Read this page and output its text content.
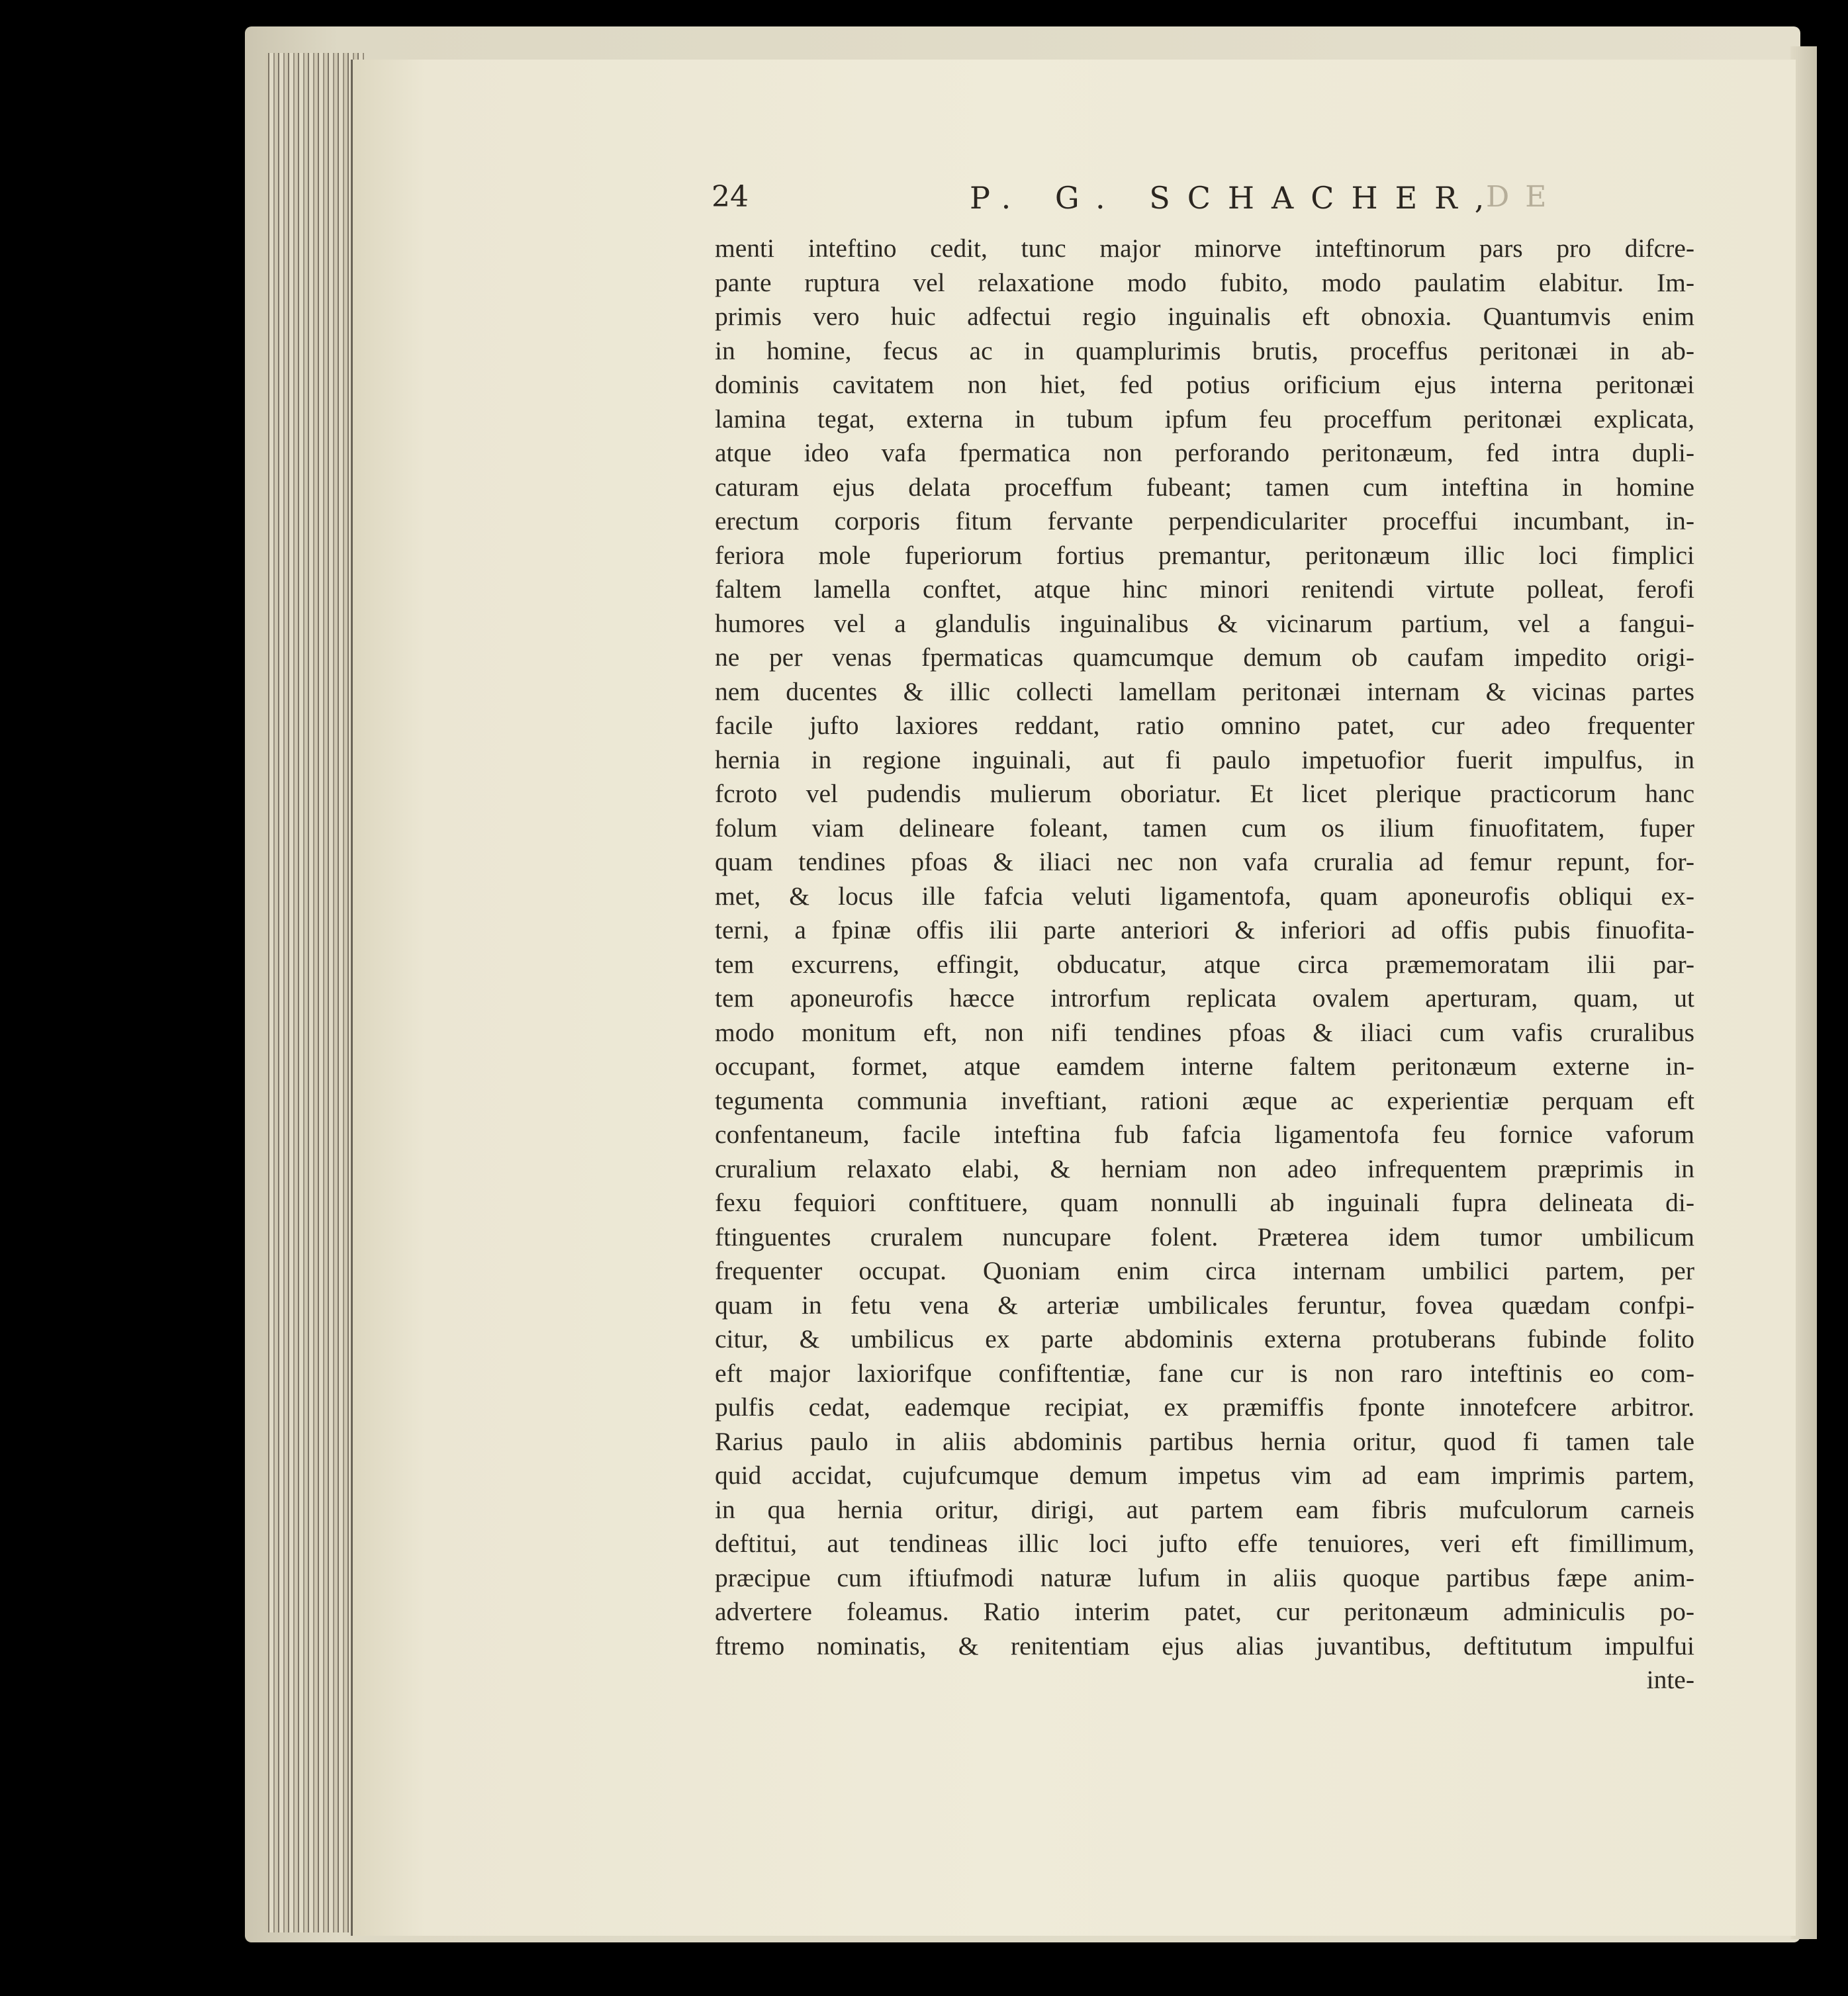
24	P. G. SCHACHER,
DE
menti inteftino cedit, tunc major minorve inteftinorum pars pro difcre-
pante ruptura vel relaxatione modo fubito, modo paulatim elabitur. Im-
primis vero huic adfectui regio inguinalis eft obnoxia. Quantumvis enim
in homine, fecus ac in quamplurimis brutis, proceffus peritonæi in ab-
dominis cavitatem non hiet, fed potius orificium ejus interna peritonæi
lamina tegat, externa in tubum ipfum feu proceffum peritonæi explicata,
atque ideo vafa fpermatica non perforando peritonæum, fed intra dupli-
caturam ejus delata proceffum fubeant; tamen cum inteftina in homine
erectum corporis fitum fervante perpendiculariter proceffui incumbant, in-
feriora mole fuperiorum fortius premantur, peritonæum illic loci fimplici
faltem lamella conftet, atque hinc minori renitendi virtute polleat, ferofi
humores vel a glandulis inguinalibus & vicinarum partium, vel a fangui-
ne per venas fpermaticas quamcumque demum ob caufam impedito origi-
nem ducentes & illic collecti lamellam peritonæi internam & vicinas partes
facile jufto laxiores reddant, ratio omnino patet, cur adeo frequenter
hernia in regione inguinali, aut fi paulo impetuofior fuerit impulfus, in
fcroto vel pudendis mulierum oboriatur. Et licet plerique practicorum hanc
folum viam delineare foleant, tamen cum os ilium finuofitatem, fuper
quam tendines pfoas & iliaci nec non vafa cruralia ad femur repunt, for-
met, & locus ille fafcia veluti ligamentofa, quam aponeurofis obliqui ex-
terni, a fpinæ offis ilii parte anteriori & inferiori ad offis pubis finuofita-
tem excurrens, effingit, obducatur, atque circa præmemoratam ilii par-
tem aponeurofis hæcce introrfum replicata ovalem aperturam, quam, ut
modo monitum eft, non nifi tendines pfoas & iliaci cum vafis cruralibus
occupant, formet, atque eamdem interne faltem peritonæum externe in-
tegumenta communia inveftiant, rationi æque ac experientiæ perquam eft
confentaneum, facile inteftina fub fafcia ligamentofa feu fornice vaforum
cruralium relaxato elabi, & herniam non adeo infrequentem præprimis in
fexu fequiori conftituere, quam nonnulli ab inguinali fupra delineata di-
ftinguentes cruralem nuncupare folent. Præterea idem tumor umbilicum
frequenter occupat. Quoniam enim circa internam umbilici partem, per
quam in fetu vena & arteriæ umbilicales feruntur, fovea quædam confpi-
citur, & umbilicus ex parte abdominis externa protuberans fubinde folito
eft major laxiorifque confiftentiæ, fane cur is non raro inteftinis eo com-
pulfis cedat, eademque recipiat, ex præmiffis fponte innotefcere arbitror.
Rarius paulo in aliis abdominis partibus hernia oritur, quod fi tamen tale
quid accidat, cujufcumque demum impetus vim ad eam imprimis partem,
in qua hernia oritur, dirigi, aut partem eam fibris mufculorum carneis
deftitui, aut tendineas illic loci jufto effe tenuiores, veri eft fimillimum,
præcipue cum iftiufmodi naturæ lufum in aliis quoque partibus fæpe anim-
advertere foleamus. Ratio interim patet, cur peritonæum adminiculis po-
ftremo nominatis, & renitentiam ejus alias juvantibus, deftitutum impulfui
inte-
